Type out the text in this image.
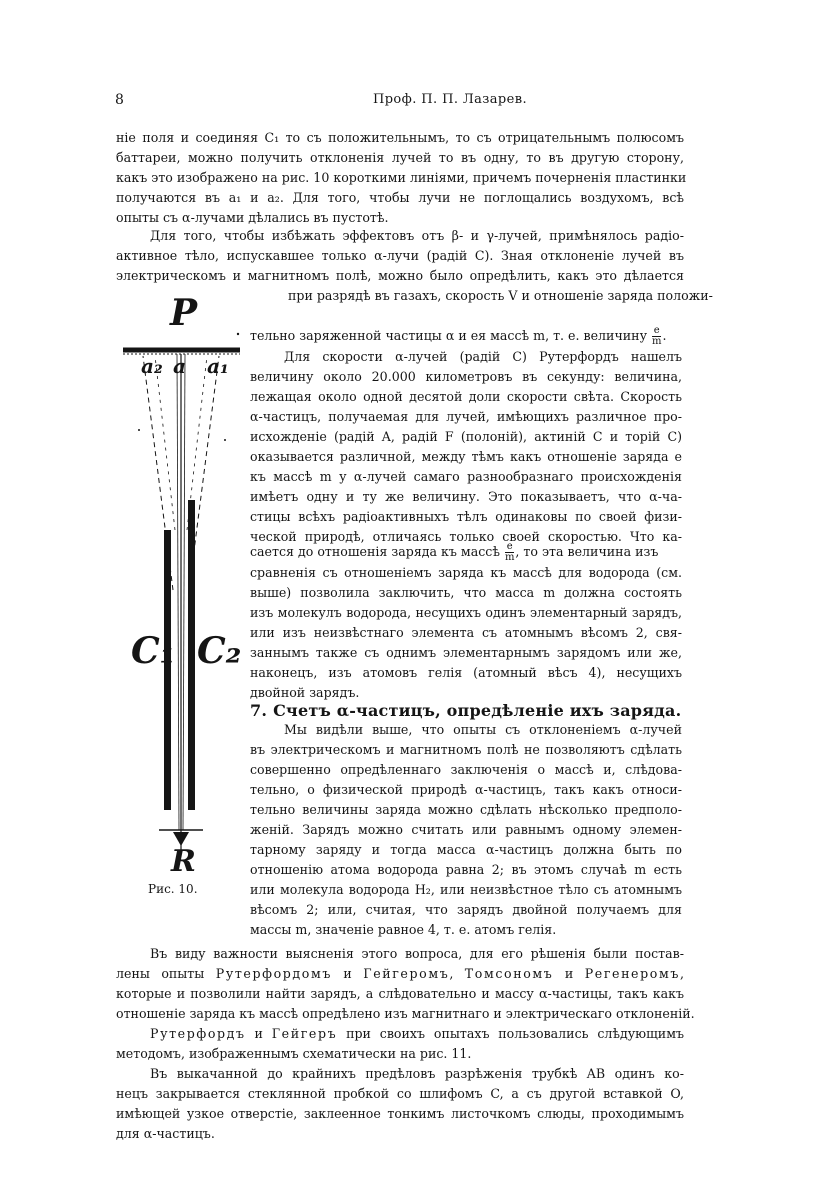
8	Проф. П. П. Лазарев.
ніе поля и соединяя C₁ то съ положительнымъ, то съ отрицательнымъ полюсомъ
баттареи, можно получить отклоненія лучей то въ одну, то въ другую сторону,
какъ это изображено на рис. 10 короткими линіями, причемъ почерненія пластинки
получаются въ a₁ и a₂. Для того, чтобы лучи не поглощались воздухомъ, всѣ
опыты съ α-лучами дѣлались въ пустотѣ.
Для того, чтобы избѣжать эффектовъ отъ β- и γ-лучей, примѣнялось радіо-
активное тѣло, испускавшее только α-лучи (радій C). Зная отклоненіе лучей въ
электрическомъ и магнитномъ полѣ, можно было опредѣлить, какъ это дѣлается
при разрядѣ въ газахъ, скорость V и отношеніе заряда положи-
тельно заряженной частицы α и ея массѣ m, т. е. величину $\frac{e}{m}$ .
Для скорости α-лучей (радій C) Рутерфордъ нашелъ
величину около 20.000 километровъ въ секунду: величина,
лежащая около одной десятой доли скорости свѣта. Скорость
α-частицъ, получаемая для лучей, имѣющихъ различное про-
исхожденіе (радій A, радій F (полоній), актиній C и торій C)
оказывается различной, между тѣмъ какъ отношеніе заряда e
къ массѣ m у α-лучей самаго разнообразнаго происхожденія
имѣетъ одну и ту же величину. Это показываетъ, что α-ча-
стицы всѣхъ радіоактивныхъ тѣлъ одинаковы по своей физи-
ческой природѣ, отличаясь только своей скоростью. Что ка-
сается до отношенія заряда къ массѣ $\frac{e}{m}$ , то эта величина изъ
сравненія съ отношеніемъ заряда къ массѣ для водорода (см.
выше) позволила заключить, что масса m должна состоять
изъ молекулъ водорода, несущихъ одинъ элементарный зарядъ,
или изъ неизвѣстнаго элемента съ атомнымъ вѣсомъ 2, свя-
заннымъ также съ однимъ элементарнымъ зарядомъ или же,
наконецъ, изъ атомовъ гелія (атомный вѣсъ 4), несущихъ
двойной зарядъ.
7. Счетъ α-частицъ, опредѣленіе ихъ заряда.
Мы видѣли выше, что опыты съ отклоненіемъ α-лучей
въ электрическомъ и магнитномъ полѣ не позволяютъ сдѣлать
совершенно опредѣленнаго заключенія о массѣ и, слѣдова-
тельно, о физической природѣ α-частицъ, такъ какъ относи-
тельно величины заряда можно сдѣлать нѣсколько предполо-
женій. Зарядъ можно считать или равнымъ одному элемен-
тарному заряду и тогда масса α-частицъ должна быть по
отношенію атома водорода равна 2; въ этомъ случаѣ m есть
или молекула водорода H₂, или неизвѣстное тѣло съ атомнымъ
вѣсомъ 2; или, считая, что зарядъ двойной получаемъ для
массы m, значеніе равное 4, т. е. атомъ гелія.
Въ виду важности выясненія этого вопроса, для его рѣшенія были постав-
лены опыты Рутерфордомъ и Гейгеромъ, Томсономъ и Регенеромъ,
которые и позволили найти зарядъ, а слѣдовательно и массу α-частицы, такъ какъ
отношеніе заряда къ массѣ опредѣлено изъ магнитнаго и электрическаго отклоненій.
Рутерфордъ и Гейгеръ при своихъ опытахъ пользовались слѣдующимъ
методомъ, изображеннымъ схематически на рис. 11.
Въ выкачанной до крайнихъ предѣловъ разрѣженія трубкѣ AB одинъ ко-
нецъ закрывается стеклянной пробкой со шлифомъ C, а съ другой вставкой O,
имѣющей узкое отверстіе, заклеенное тонкимъ листочкомъ слюды, проходимымъ
для α-частицъ.
P
a₂ a a₁
C₁ C₂
R
Рис. 10.
